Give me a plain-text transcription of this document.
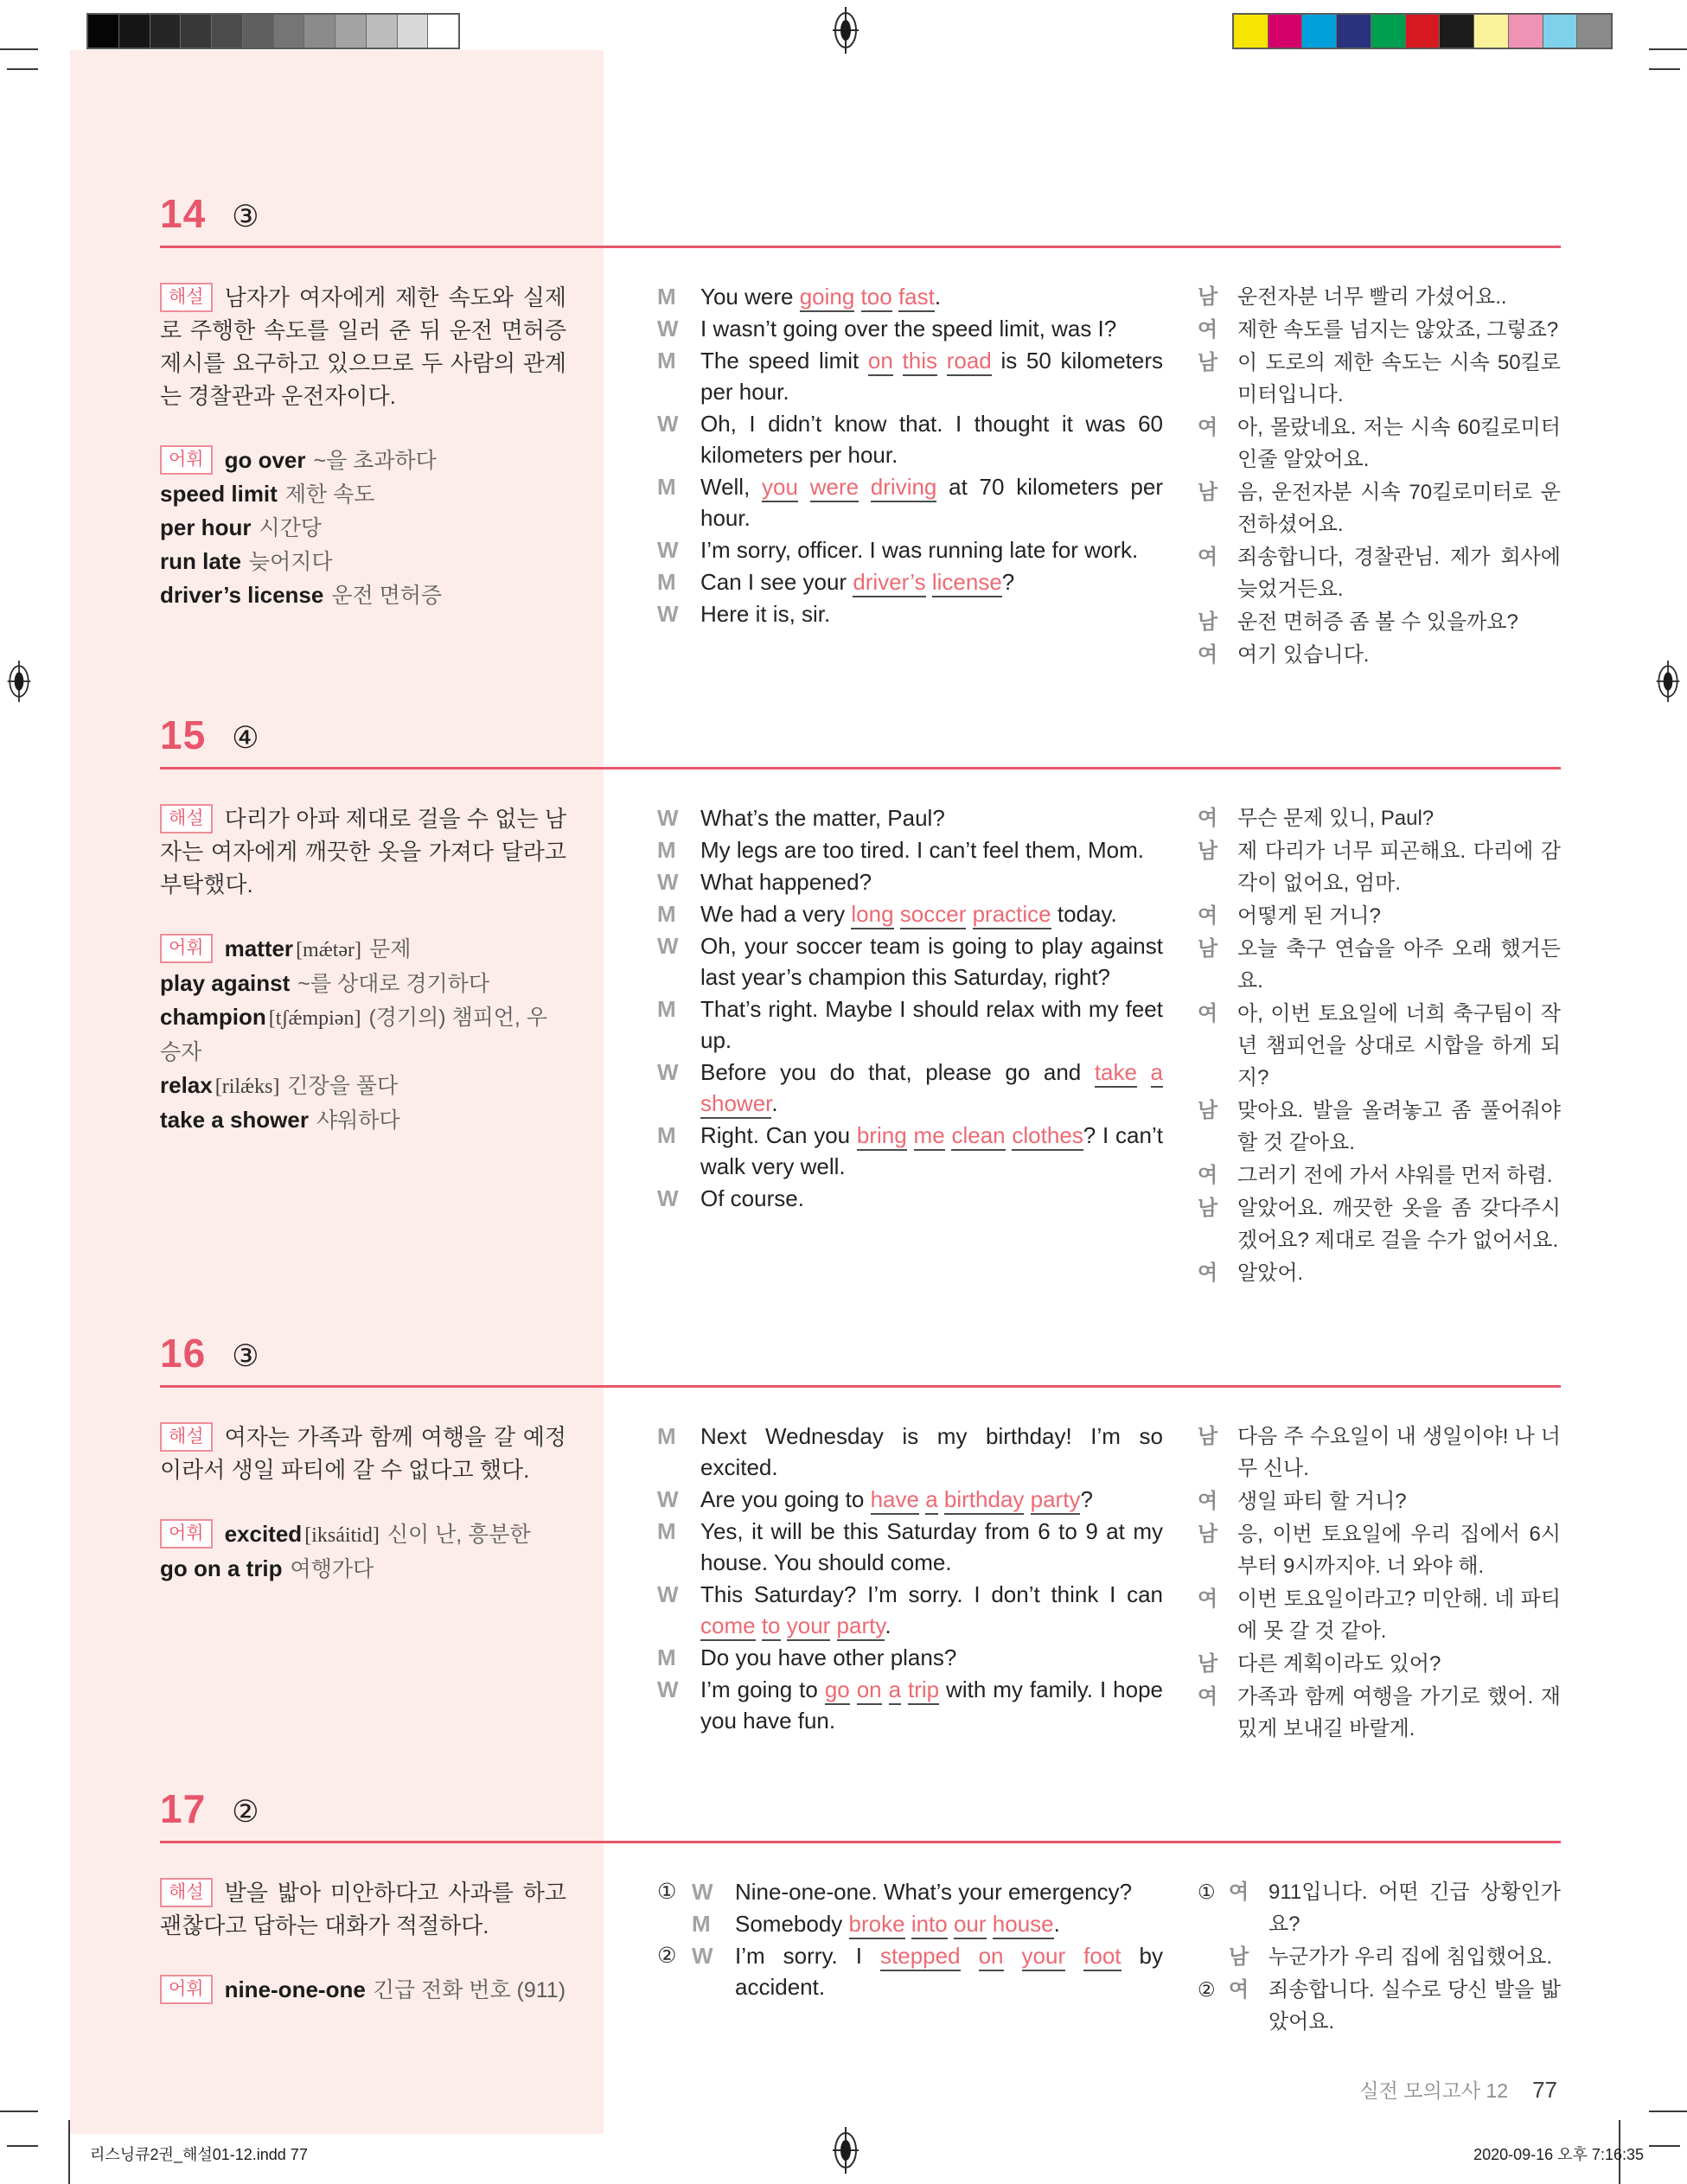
14 ③

해설 남자가 여자에게 제한 속도와 실제로 주행한 속도를 일러 준 뒤 운전 면허증 제시를 요구하고 있으므로 두 사람의 관계는 경찰관과 운전자이다.

어휘 go over ~을 초과하다
speed limit 제한 속도
per hour 시간당
run late 늦어지다
driver’s license 운전 면허증
M	You were going too fast.
W I wasn’t going over the speed limit, was I?
M	The speed limit on this road is 50 kilometers per hour.
W Oh, I didn’t know that. I thought it was 60 kilometers per hour.
M	Well, you were driving at 70 kilometers per hour.
W I’m sorry, officer. I was running late for work.
M	Can I see your driver’s license?
W Here it is, sir.
남 운전자분 너무 빨리 가셨어요..
여 제한 속도를 넘지는 않았죠, 그렇죠?
남 이 도로의 제한 속도는 시속 50킬로미터입니다.
여 아, 몰랐네요. 저는 시속 60킬로미터인줄 알았어요.
남 음, 운전자분 시속 70킬로미터로 운전하셨어요.
여 죄송합니다, 경찰관님. 제가 회사에 늦었거든요.
남 운전 면허증 좀 볼 수 있을까요?
여 여기 있습니다.
15 ④

해설 다리가 아파 제대로 걸을 수 없는 남자는 여자에게 깨끗한 옷을 가져다 달라고 부탁했다.

어휘 matter [mǽtər] 문제
play against ~를 상대로 경기하다
champion [tʃǽmpiən] (경기의) 챔피언, 우승자
relax [rilǽks] 긴장을 풀다
take a shower 샤워하다
W What’s the matter, Paul?
M	My legs are too tired. I can’t feel them, Mom.
W What happened?
M	We had a very long soccer practice today.
W Oh, your soccer team is going to play against last year’s champion this Saturday, right?
M	That’s right. Maybe I should relax with my feet up.
W Before you do that, please go and take a shower.
M	Right. Can you bring me clean clothes? I can’t walk very well.
W Of course.
여 무슨 문제 있니, Paul?
남 제 다리가 너무 피곤해요. 다리에 감각이 없어요, 엄마.
여 어떻게 된 거니?
남 오늘 축구 연습을 아주 오래 했거든요.
여 아, 이번 토요일에 너희 축구팀이 작년 챔피언을 상대로 시합을 하게 되지?
남 맞아요. 발을 올려놓고 좀 풀어줘야 할 것 같아요.
여 그러기 전에 가서 샤워를 먼저 하렴.
남 알았어요. 깨끗한 옷을 좀 갖다주시겠어요? 제대로 걸을 수가 없어서요.
여 알았어.
16 ③

해설 여자는 가족과 함께 여행을 갈 예정이라서 생일 파티에 갈 수 없다고 했다.

어휘 excited [iksáitid] 신이 난, 흥분한
go on a trip 여행가다
M	Next Wednesday is my birthday! I’m so excited.
W Are you going to have a birthday party?
M	Yes, it will be this Saturday from 6 to 9 at my house. You should come.
W This Saturday? I’m sorry. I don’t think I can come to your party.
M	Do you have other plans?
W I’m going to go on a trip with my family. I hope you have fun.
남 다음 주 수요일이 내 생일이야! 나 너무 신나.
여 생일 파티 할 거니?
남 응, 이번 토요일에 우리 집에서 6시부터 9시까지야. 너 와야 해.
여 이번 토요일이라고? 미안해. 네 파티에 못 갈 것 같아.
남 다른 계획이라도 있어?
여 가족과 함께 여행을 가기로 했어. 재밌게 보내길 바랄게.
17 ②

해설 발을 밟아 미안하다고 사과를 하고 괜찮다고 답하는 대화가 적절하다.

어휘 nine-one-one 긴급 전화 번호 (911)
① W Nine-one-one. What’s your emergency?
M	Somebody broke into our house.
② W I’m sorry. I stepped on your foot by accident.
① 여 911입니다. 어떤 긴급 상황인가요?
남 누군가가 우리 집에 침입했어요.
② 여 죄송합니다. 실수로 당신 발을 밟았어요.
실전 모의고사 12 77
리스닝큐2권_해설01-12.indd 77	2020-09-16 오후 7:16:35
